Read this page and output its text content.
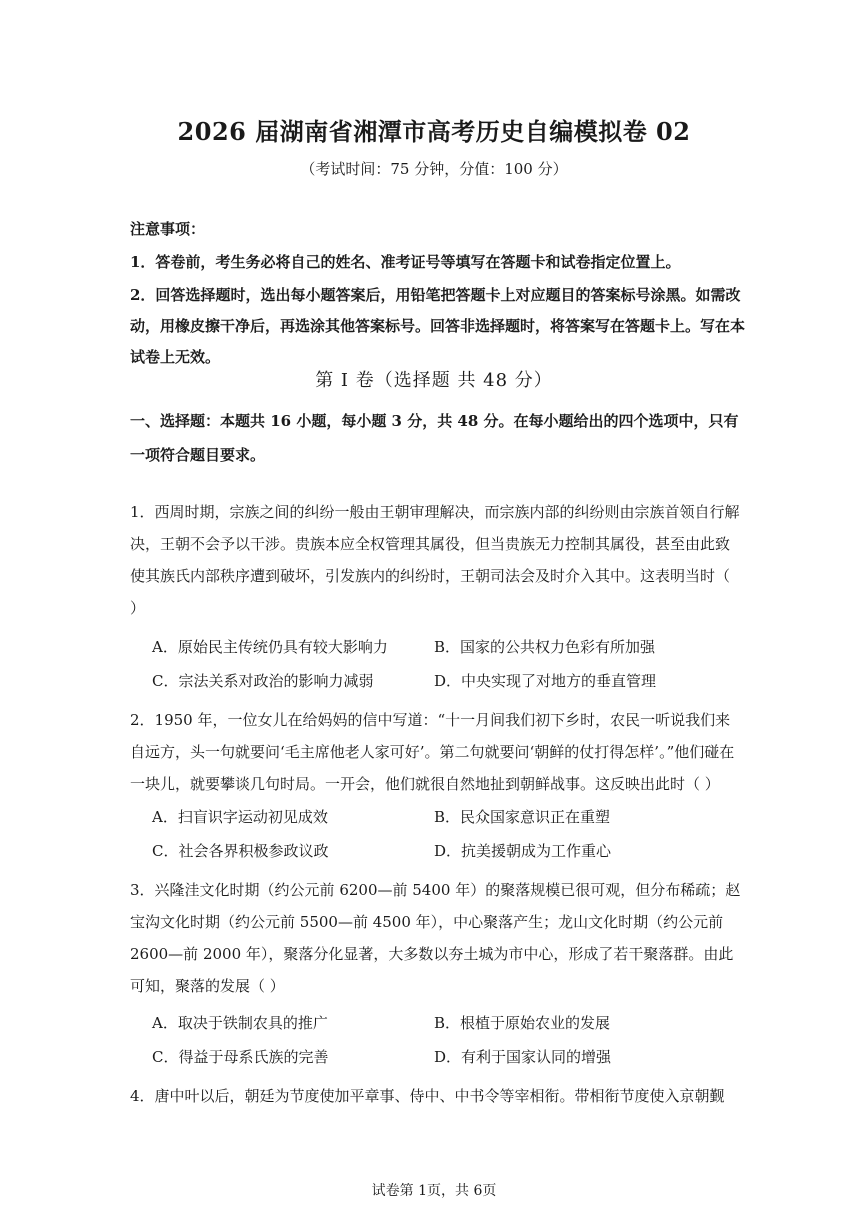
2026 届湖南省湘潭市高考历史自编模拟卷 02
（考试时间：75 分钟，分值：100 分）

注意事项：

1．答卷前，考生务必将自己的姓名、准考证号等填写在答题卡和试卷指定位置上。

2．回答选择题时，选出每小题答案后，用铅笔把答题卡上对应题目的答案标号涂黑。如需改动，用橡皮擦干净后，再选涂其他答案标号。回答非选择题时，将答案写在答题卡上。写在本试卷上无效。

第 I 卷（选择题 共 48 分）

一、选择题：本题共 16 小题，每小题 3 分，共 48 分。在每小题给出的四个选项中，只有一项符合题目要求。

1．西周时期，宗族之间的纠纷一般由王朝审理解决，而宗族内部的纠纷则由宗族首领自行解决，王朝不会予以干涉。贵族本应全权管理其属役，但当贵族无力控制其属役，甚至由此致使其族氏内部秩序遭到破坏，引发族内的纠纷时，王朝司法会及时介入其中。这表明当时（ ）
A．原始民主传统仍具有较大影响力	B．国家的公共权力色彩有所加强
C．宗法关系对政治的影响力减弱	D．中央实现了对地方的垂直管理
2．1950 年，一位女儿在给妈妈的信中写道：“十一月间我们初下乡时，农民一听说我们来自远方，头一句就要问‘毛主席他老人家可好’。第二句就要问‘朝鲜的仗打得怎样’。”他们碰在一块儿，就要攀谈几句时局。一开会，他们就很自然地扯到朝鲜战事。这反映出此时（ ）
A．扫盲识字运动初见成效	B．民众国家意识正在重塑
C．社会各界积极参政议政	D．抗美援朝成为工作重心
3．兴隆洼文化时期（约公元前 6200—前 5400 年）的聚落规模已很可观，但分布稀疏；赵宝沟文化时期（约公元前 5500—前 4500 年），中心聚落产生；龙山文化时期（约公元前 2600—前 2000 年），聚落分化显著，大多数以夯土城为市中心，形成了若干聚落群。由此可知，聚落的发展（ ）
A．取决于铁制农具的推广	B．根植于原始农业的发展
C．得益于母系氏族的完善	D．有利于国家认同的增强
4．唐中叶以后，朝廷为节度使加平章事、侍中、中书令等宰相衔。带相衔节度使入京朝觐
试卷第 1页，共 6页
